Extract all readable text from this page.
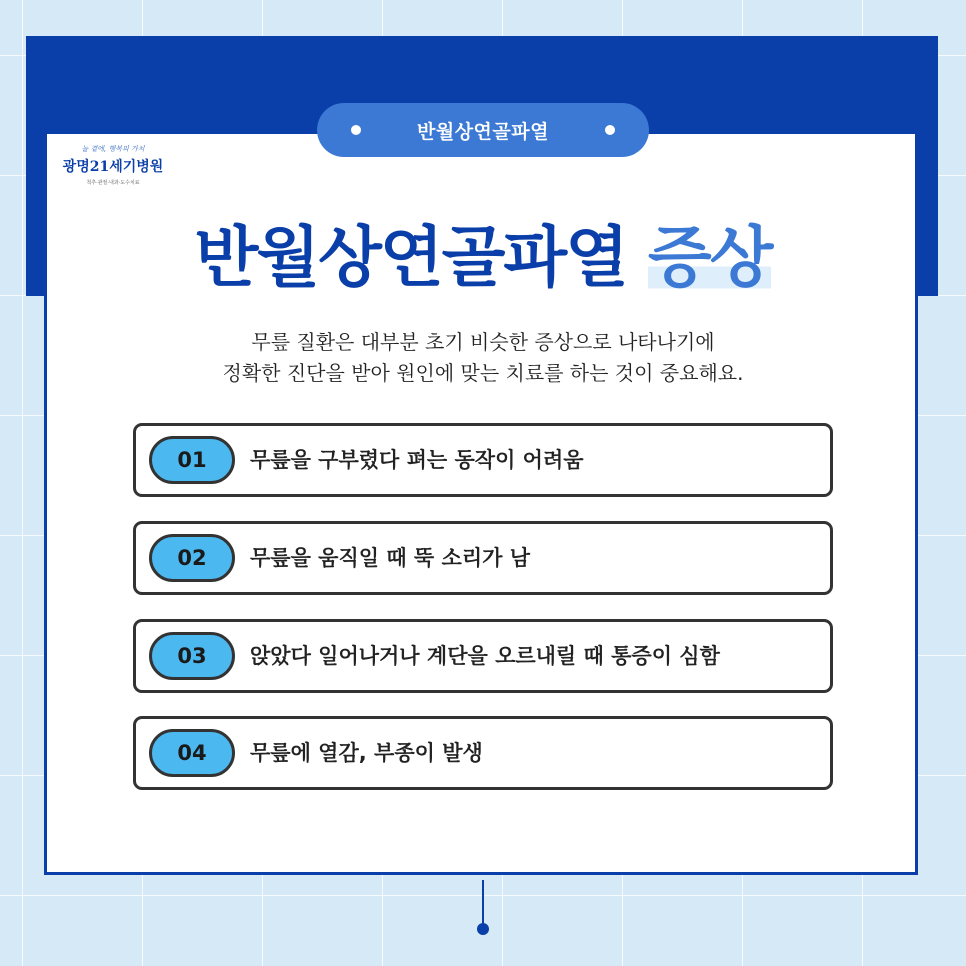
반월상연골파열
늘 곁에, 행복의 가치
광명21세기병원
척추·관절·내과·도수치료
반월상연골파열 증상
무릎 질환은 대부분 초기 비슷한 증상으로 나타나기에
정확한 진단을 받아 원인에 맞는 치료를 하는 것이 중요해요.
01	무릎을 구부렸다 펴는 동작이 어려움
02	무릎을 움직일 때 뚝 소리가 남
03	앉았다 일어나거나 계단을 오르내릴 때 통증이 심함
04	무릎에 열감, 부종이 발생
